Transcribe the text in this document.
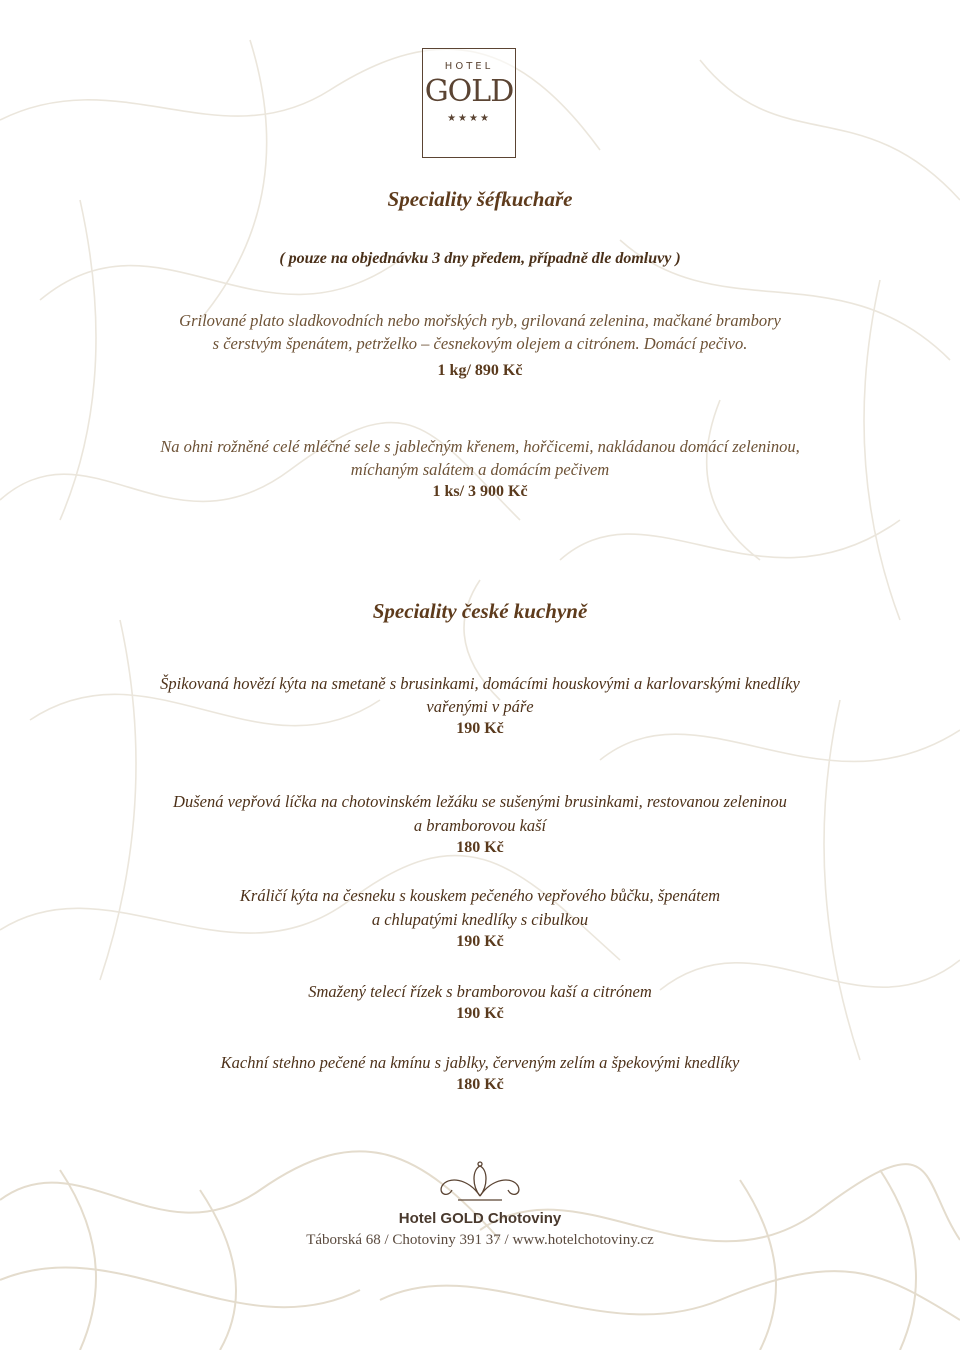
HOTEL
GOLD
★★★★
Speciality šéfkuchaře
( pouze na objednávku 3 dny předem, případně dle domluvy )
Grilované plato sladkovodních nebo mořských ryb, grilovaná zelenina, mačkané brambory
s čerstvým špenátem, petrželko – česnekovým olejem a citrónem. Domácí pečivo.
1 kg/ 890 Kč
Na ohni rožněné celé mléčné sele s jablečným křenem, hořčicemi, nakládanou domácí zeleninou,
míchaným salátem a domácím pečivem
1 ks/ 3 900 Kč
Speciality české kuchyně
Špikovaná hovězí kýta na smetaně s brusinkami, domácími houskovými a karlovarskými knedlíky
vařenými v páře
190 Kč
Dušená vepřová líčka na chotovinském ležáku se sušenými brusinkami, restovanou zeleninou
a bramborovou kaší
180 Kč
Králičí kýta na česneku s kouskem pečeného vepřového bůčku, špenátem
a chlupatými knedlíky s cibulkou
190 Kč
Smažený telecí řízek s bramborovou kaší a citrónem
190 Kč
Kachní stehno pečené na kmínu s jablky, červeným zelím a špekovými knedlíky
180 Kč
Hotel GOLD Chotoviny
Táborská 68 / Chotoviny 391 37 / www.hotelchotoviny.cz
